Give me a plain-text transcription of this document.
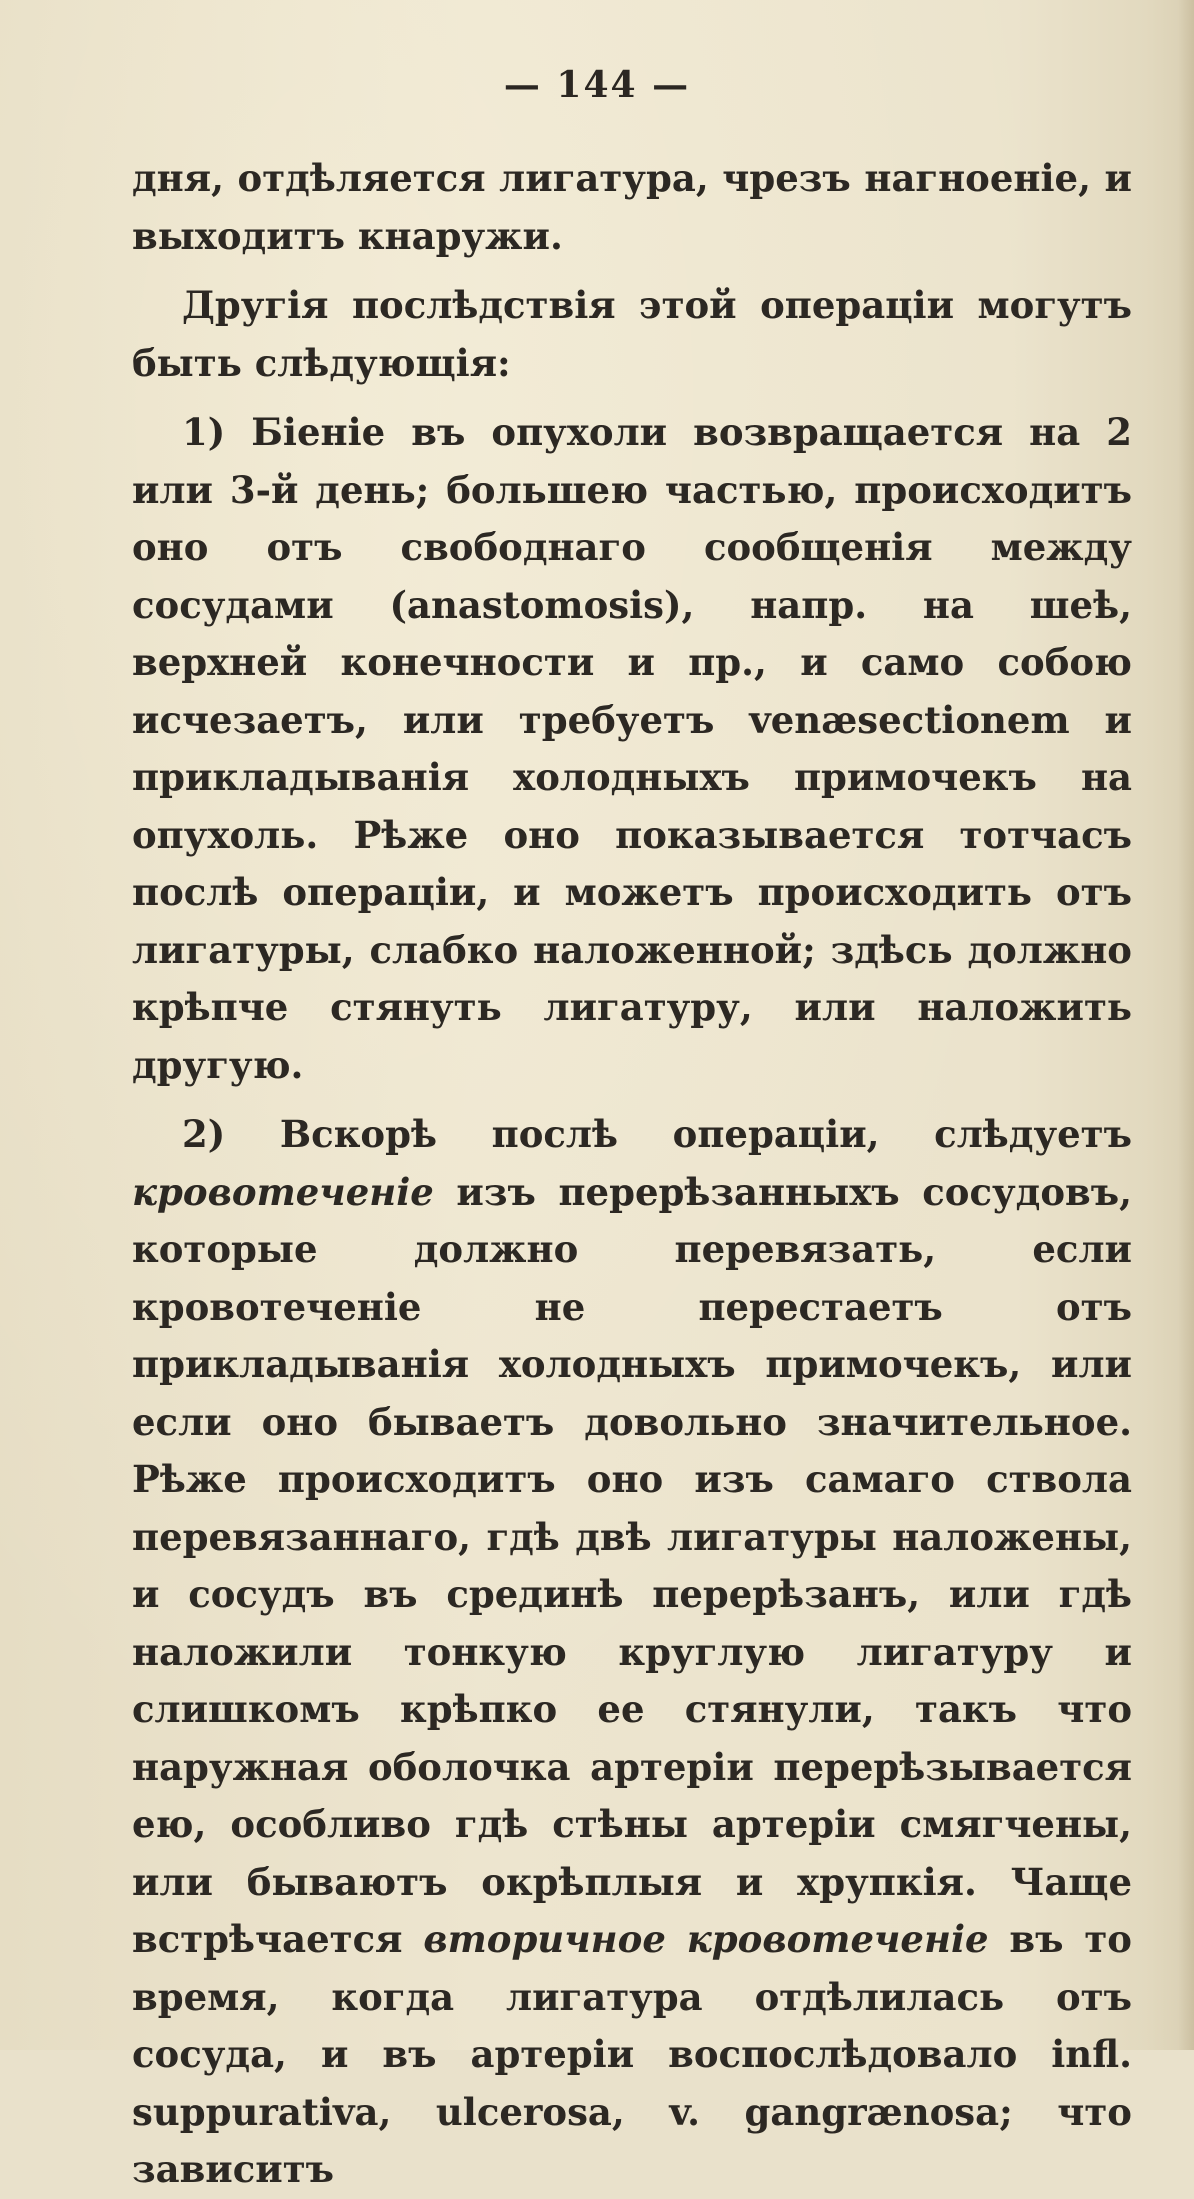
— 144 —

дня, отдѣляется лигатура, чрезъ нагноеніе, и выходитъ кнаружи.

Другія послѣдствія этой операціи могутъ быть слѣдующія:

1) Біеніе въ опухоли возвращается на 2 или 3-й день; большею частью, происходитъ оно отъ свободнаго сообщенія между сосудами (anastomosis), напр. на шеѣ, верхней конечности и пр., и само собою исчезаетъ, или требуетъ venæsectionem и прикладыванія холодныхъ примочекъ на опухоль. Рѣже оно показывается тотчасъ послѣ операціи, и можетъ происходить отъ лигатуры, слабко наложенной; здѣсь должно крѣпче стянуть лигатуру, или наложить другую.

2) Вскорѣ послѣ операціи, слѣдуетъ кровотеченіе изъ перерѣзанныхъ сосудовъ, которые должно перевязать, если кровотеченіе не перестаетъ отъ прикладыванія холодныхъ примочекъ, или если оно бываетъ довольно значительное. Рѣже происходитъ оно изъ самаго ствола перевязаннаго, гдѣ двѣ лигатуры наложены, и сосудъ въ срединѣ перерѣзанъ, или гдѣ наложили тонкую круглую лигатуру и слишкомъ крѣпко ее стянули, такъ что наружная оболочка артеріи перерѣзывается ею, особливо гдѣ стѣны артеріи смягчены, или бываютъ окрѣплыя и хрупкія. Чаще встрѣчается вторичное кровотеченіе въ то время, когда лигатура отдѣлилась отъ сосуда, и въ артеріи воспослѣдовало infl. suppurativa, ulcerosa, v. gangrænosa; что зависитъ
